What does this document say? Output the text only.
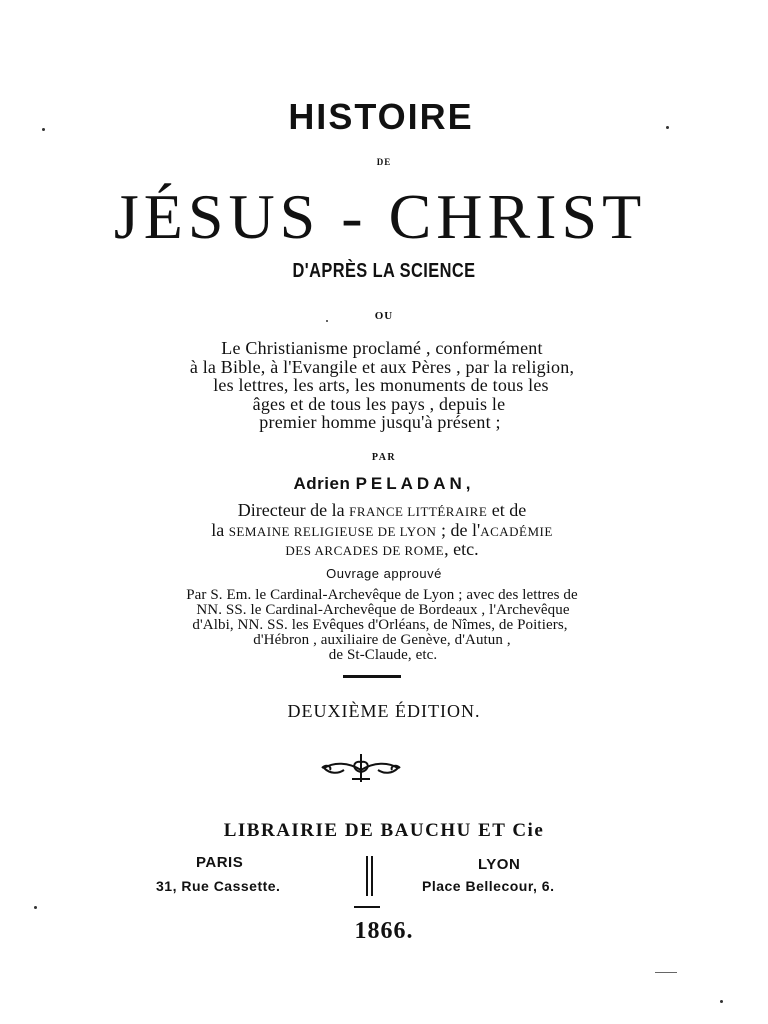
HISTOIRE
DE
JÉSUS - CHRIST
D'APRÈS LA SCIENCE
OU
Le Christianisme proclamé , conformément
à la Bible, à l'Evangile et aux Pères , par la religion,
les lettres, les arts, les monuments de tous les
âges et de tous les pays , depuis le
premier homme jusqu'à présent ;
PAR
Adrien PELADAN,
Directeur de la FRANCE LITTÉRAIRE et de
la SEMAINE RELIGIEUSE DE LYON ; de l'ACADÉMIE
DES ARCADES DE ROME, etc.
Ouvrage approuvé
Par S. Em. le Cardinal-Archevêque de Lyon ; avec des lettres de
NN. SS. le Cardinal-Archevêque de Bordeaux , l'Archevêque
d'Albi, NN. SS. les Evêques d'Orléans, de Nîmes, de Poitiers,
d'Hébron , auxiliaire de Genève, d'Autun ,
de St-Claude, etc.
DEUXIÈME ÉDITION.
LIBRAIRIE DE BAUCHU ET Cie
PARIS
31, Rue Cassette.
LYON
Place Bellecour, 6.
1866.
